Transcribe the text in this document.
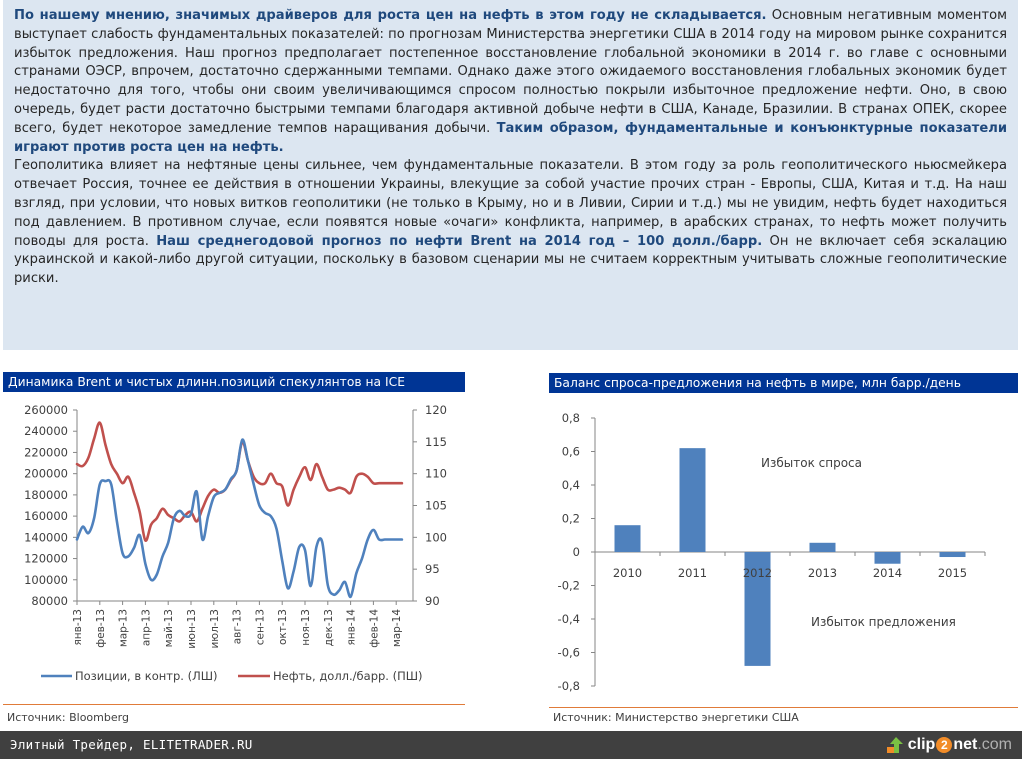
По нашему мнению, значимых драйверов для роста цен на нефть в этом году не складывается. Основным негативным моментом выступает слабость фундаментальных показателей: по прогнозам Министерства энергетики США в 2014 году на мировом рынке сохранится избыток предложения. Наш прогноз предполагает постепенное восстановление глобальной экономики в 2014 г. во главе с основными странами ОЭСР, впрочем, достаточно сдержанными темпами. Однако даже этого ожидаемого восстановления глобальных экономик будет недостаточно для того, чтобы они своим увеличивающимся спросом полностью покрыли избыточное предложение нефти. Оно, в свою очередь, будет расти достаточно быстрыми темпами благодаря активной добыче нефти в США, Канаде, Бразилии. В странах ОПЕК, скорее всего, будет некоторое замедление темпов наращивания добычи. Таким образом, фундаментальные и конъюнктурные показатели играют против роста цен на нефть.

Геополитика влияет на нефтяные цены сильнее, чем фундаментальные показатели. В этом году за роль геополитического ньюсмейкера отвечает Россия, точнее ее действия в отношении Украины, влекущие за собой участие прочих стран - Европы, США, Китая и т.д. На наш взгляд, при условии, что новых витков геополитики (не только в Крыму, но и в Ливии, Сирии и т.д.) мы не увидим, нефть будет находиться под давлением. В противном случае, если появятся новые «очаги» конфликта, например, в арабских странах, то нефть может получить поводы для роста. Наш среднегодовой прогноз по нефти Brent на 2014 год – 100 долл./барр. Он не включает себя эскалацию украинской и какой-либо другой ситуации, поскольку в базовом сценарии мы не считаем корректным учитывать сложные геополитические риски.

Динамика Brent и чистых длинн.позиций спекулянтов на ICE
80000
100000
120000
140000
160000
180000
200000
220000
240000
260000
90
95
100
105
110
115
120
янв-13 фев-13 мар-13 апр-13 май-13 июн-13 июл-13 авг-13 сен-13 окт-13 ноя-13 дек-13 янв-14 фев-14 мар-14
Позиции, в контр. (ЛШ)	Нефть, долл./барр. (ПШ)
Источник: Bloomberg
Баланс спроса-предложения на нефть в мире, млн барр./день
0,8
0,6
0,4
0,2
0
-0,2
-0,4
-0,6
-0,8
2010	2011	2012	2013	2014	2015
Избыток спроса
Избыток предложения
Источник: Министерство энергетики США
Элитный Трейдер, ELITETRADER.RU	clip 2 net .com
